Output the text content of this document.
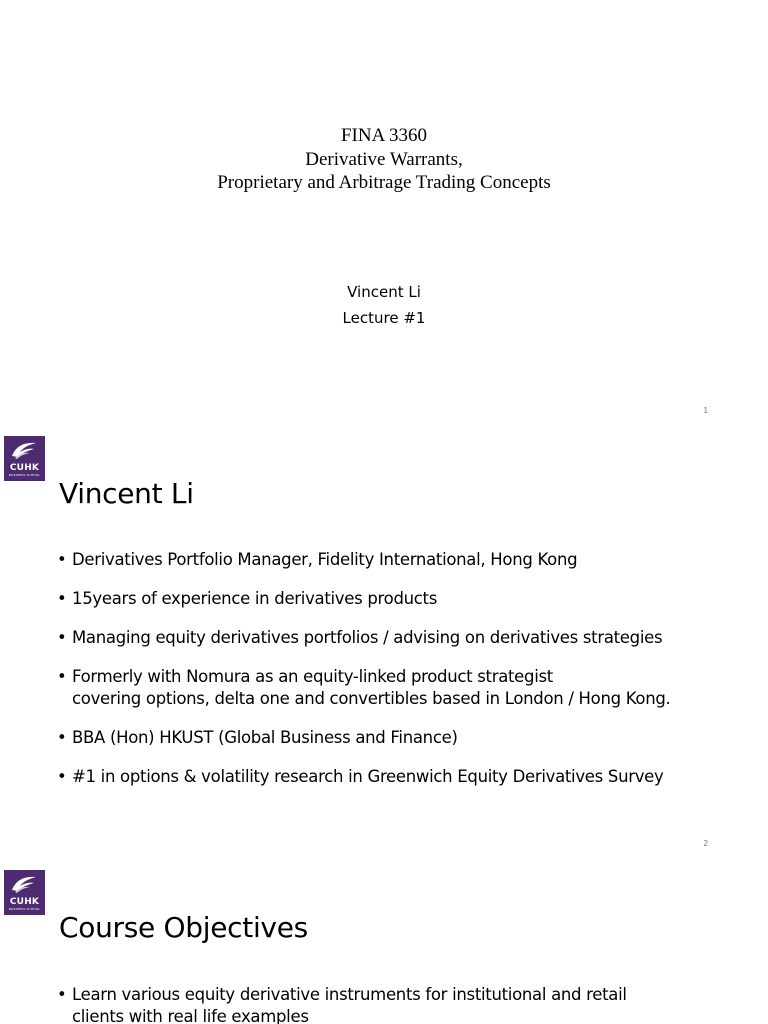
FINA 3360
Derivative Warrants,
Proprietary and Arbitrage Trading Concepts
Vincent Li
Lecture #1
1
CUHK
BUSINESS SCHOOL
Vincent Li
• Derivatives Portfolio Manager, Fidelity International, Hong Kong
• 15years of experience in derivatives products
• Managing equity derivatives portfolios / advising on derivatives strategies
• Formerly with Nomura as an equity-linked product strategist
covering options, delta one and convertibles based in London / Hong Kong.
• BBA (Hon) HKUST (Global Business and Finance)
• #1 in options & volatility research in Greenwich Equity Derivatives Survey
2
CUHK
BUSINESS SCHOOL
Course Objectives
• Learn various equity derivative instruments for institutional and retail
clients with real life examples
